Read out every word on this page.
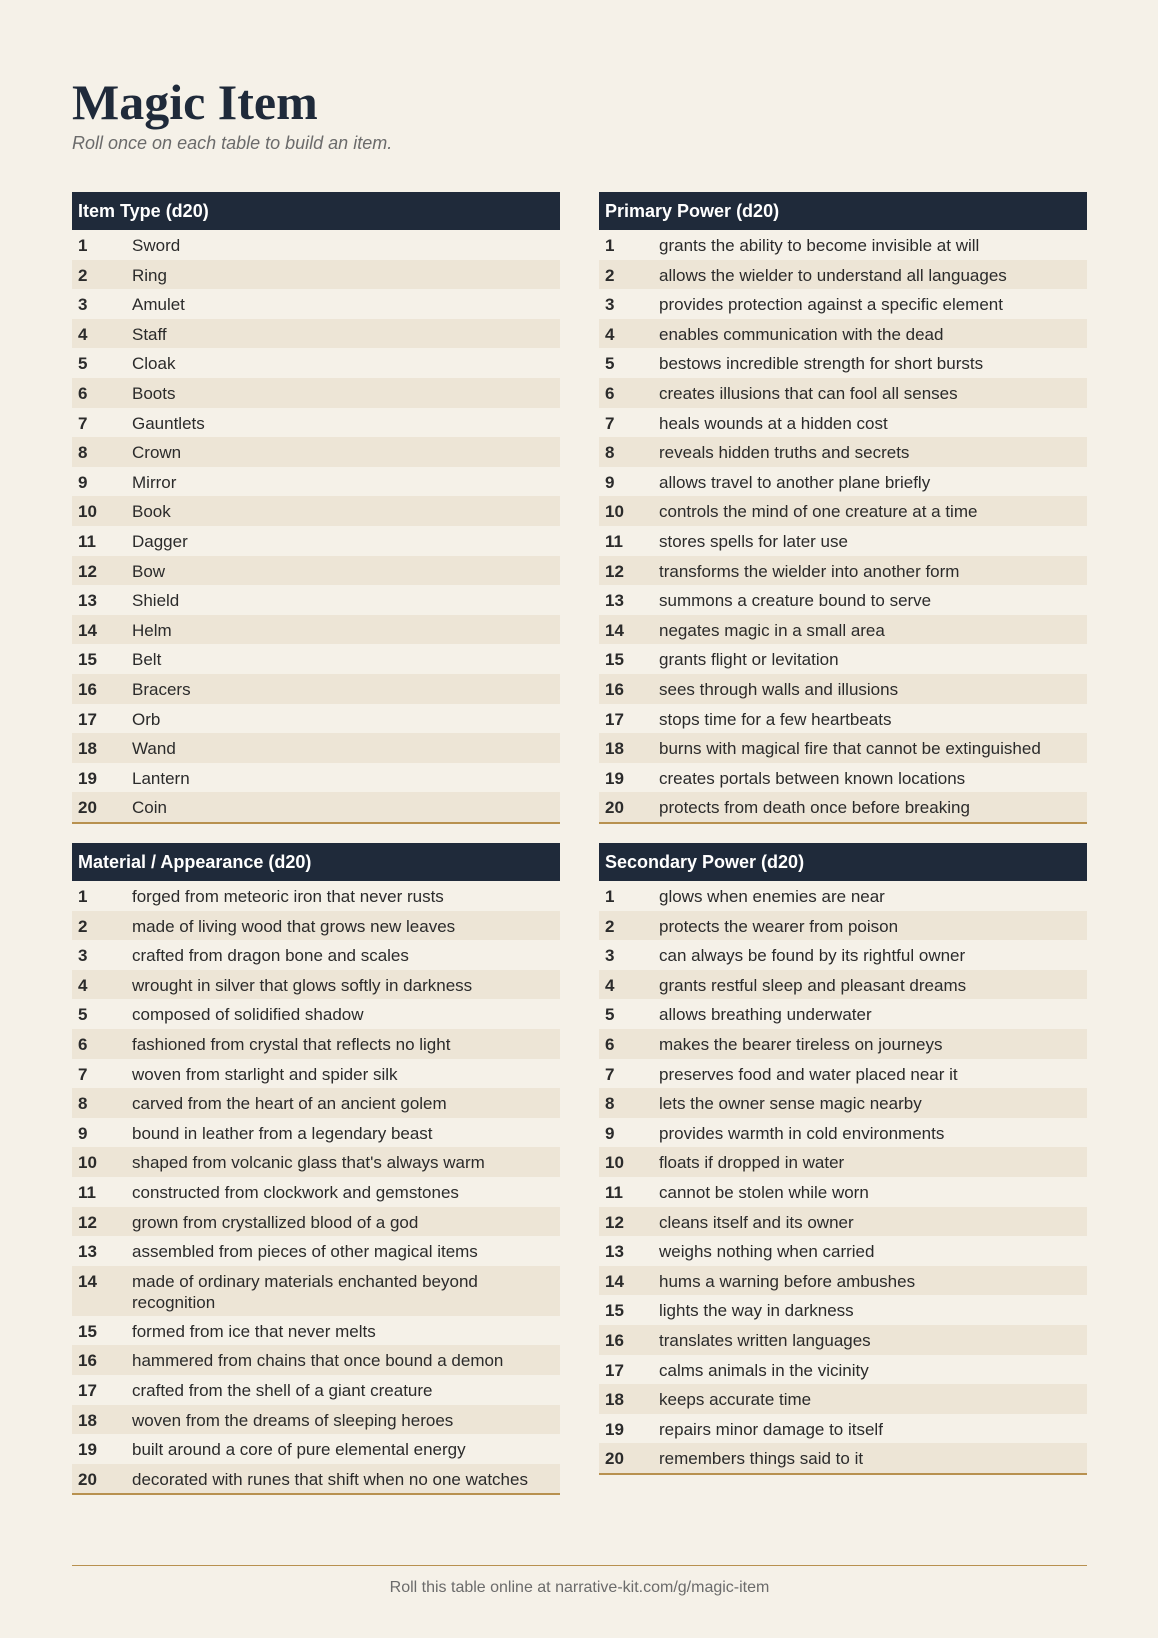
Magic Item
Roll once on each table to build an item.
Item Type (d20)
1	Sword
2	Ring
3	Amulet
4	Staff
5	Cloak
6	Boots
7	Gauntlets
8	Crown
9	Mirror
10	Book
11	Dagger
12	Bow
13	Shield
14	Helm
15	Belt
16	Bracers
17	Orb
18	Wand
19	Lantern
20	Coin
Primary Power (d20)
1	grants the ability to become invisible at will
2	allows the wielder to understand all languages
3	provides protection against a specific element
4	enables communication with the dead
5	bestows incredible strength for short bursts
6	creates illusions that can fool all senses
7	heals wounds at a hidden cost
8	reveals hidden truths and secrets
9	allows travel to another plane briefly
10	controls the mind of one creature at a time
11	stores spells for later use
12	transforms the wielder into another form
13	summons a creature bound to serve
14	negates magic in a small area
15	grants flight or levitation
16	sees through walls and illusions
17	stops time for a few heartbeats
18	burns with magical fire that cannot be extinguished
19	creates portals between known locations
20	protects from death once before breaking
Material / Appearance (d20)
1	forged from meteoric iron that never rusts
2	made of living wood that grows new leaves
3	crafted from dragon bone and scales
4	wrought in silver that glows softly in darkness
5	composed of solidified shadow
6	fashioned from crystal that reflects no light
7	woven from starlight and spider silk
8	carved from the heart of an ancient golem
9	bound in leather from a legendary beast
10	shaped from volcanic glass that's always warm
11	constructed from clockwork and gemstones
12	grown from crystallized blood of a god
13	assembled from pieces of other magical items
14	made of ordinary materials enchanted beyond recognition
15	formed from ice that never melts
16	hammered from chains that once bound a demon
17	crafted from the shell of a giant creature
18	woven from the dreams of sleeping heroes
19	built around a core of pure elemental energy
20	decorated with runes that shift when no one watches
Secondary Power (d20)
1	glows when enemies are near
2	protects the wearer from poison
3	can always be found by its rightful owner
4	grants restful sleep and pleasant dreams
5	allows breathing underwater
6	makes the bearer tireless on journeys
7	preserves food and water placed near it
8	lets the owner sense magic nearby
9	provides warmth in cold environments
10	floats if dropped in water
11	cannot be stolen while worn
12	cleans itself and its owner
13	weighs nothing when carried
14	hums a warning before ambushes
15	lights the way in darkness
16	translates written languages
17	calms animals in the vicinity
18	keeps accurate time
19	repairs minor damage to itself
20	remembers things said to it
Roll this table online at narrative-kit.com/g/magic-item
